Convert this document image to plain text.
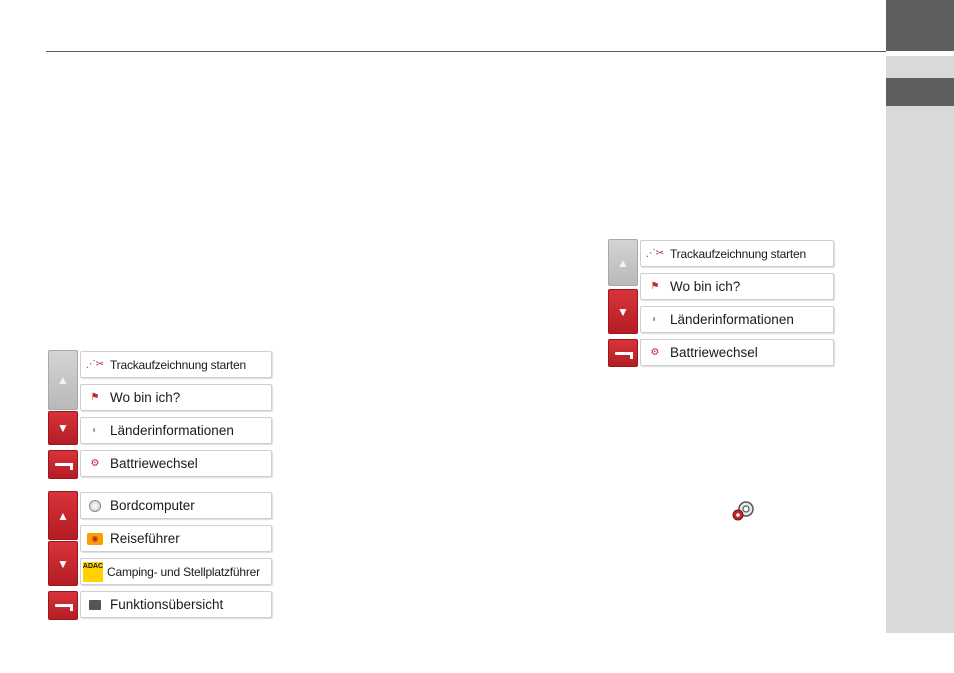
▲
▼
⋰✂ Trackaufzeichnung starten
⚑ Wo bin ich?
◐ Länderinformationen
⚙ Battriewechsel
▲
▼
Bordcomputer
◉ Reiseführer
ADAC Camping- und Stellplatzführer
Funktionsübersicht
▲
▼
⋰✂ Trackaufzeichnung starten
⚑ Wo bin ich?
◐ Länderinformationen
⚙ Battriewechsel
